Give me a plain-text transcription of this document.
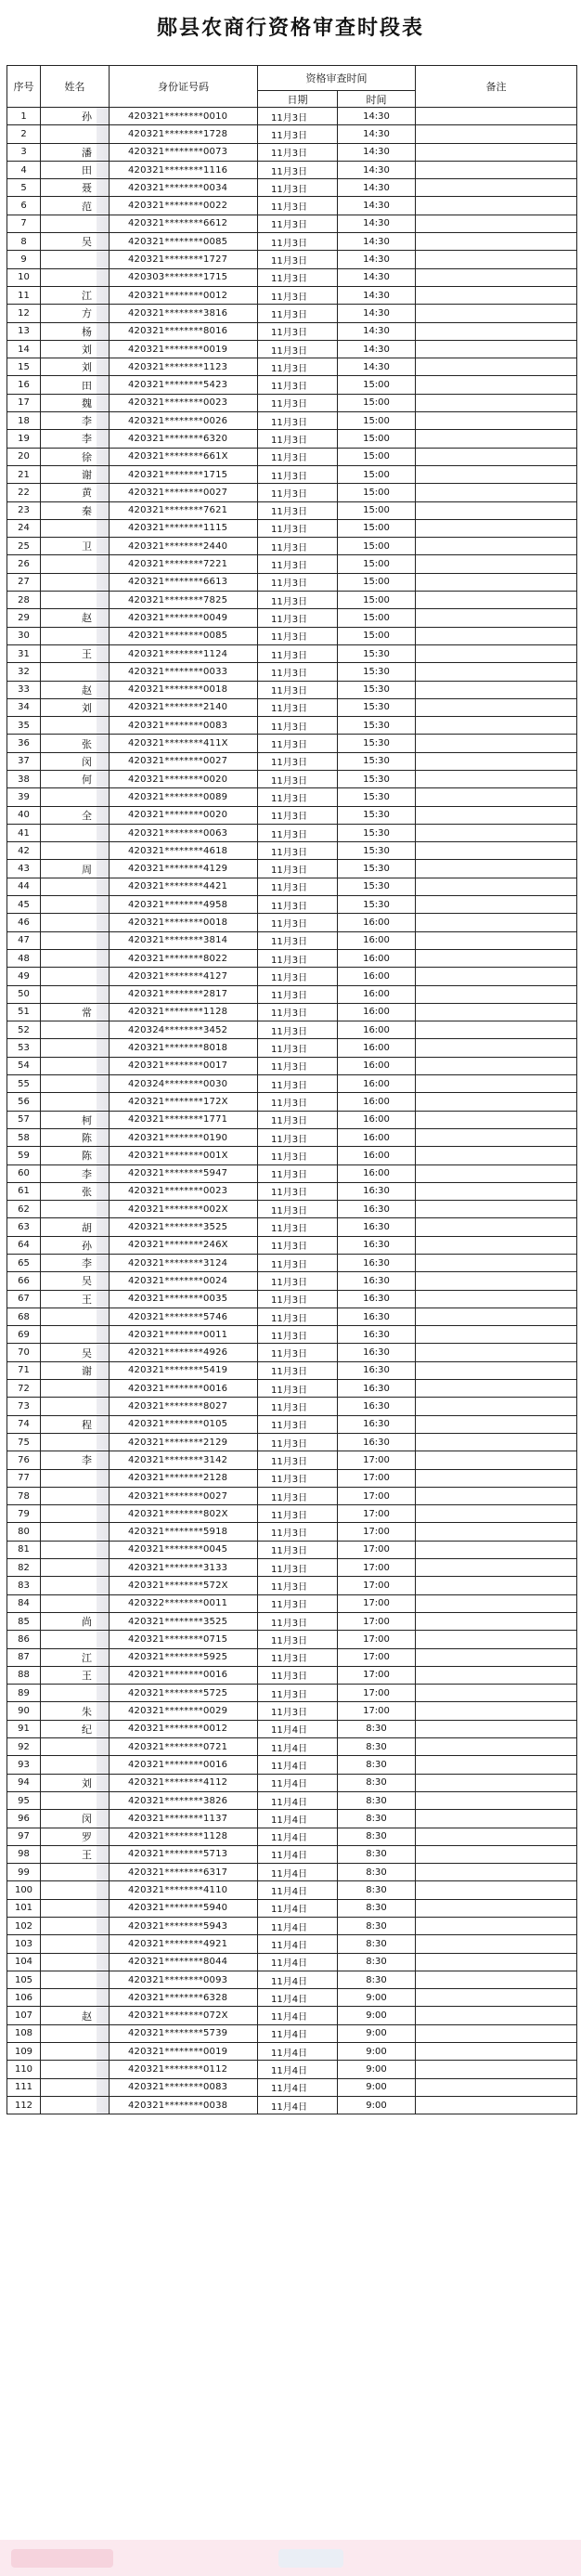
郧县农商行资格审查时段表
序号	姓名	身份证号码	资格审查时间		备注
			日期	时间	
1	孙	420321********0010	11月3日	14:30	
2		420321********1728	11月3日	14:30	
3	潘	420321********0073	11月3日	14:30	
4	田	420321********1116	11月3日	14:30	
5	聂	420321********0034	11月3日	14:30	
6	范	420321********0022	11月3日	14:30	
7		420321********6612	11月3日	14:30	
8	吴	420321********0085	11月3日	14:30	
9		420321********1727	11月3日	14:30	
10		420303********1715	11月3日	14:30	
11	江	420321********0012	11月3日	14:30	
12	方	420321********3816	11月3日	14:30	
13	杨	420321********8016	11月3日	14:30	
14	刘	420321********0019	11月3日	14:30	
15	刘	420321********1123	11月3日	14:30	
16	田	420321********5423	11月3日	15:00	
17	魏	420321********0023	11月3日	15:00	
18	李	420321********0026	11月3日	15:00	
19	李	420321********6320	11月3日	15:00	
20	徐	420321********661X	11月3日	15:00	
21	谢	420321********1715	11月3日	15:00	
22	黄	420321********0027	11月3日	15:00	
23	秦	420321********7621	11月3日	15:00	
24		420321********1115	11月3日	15:00	
25	卫	420321********2440	11月3日	15:00	
26		420321********7221	11月3日	15:00	
27		420321********6613	11月3日	15:00	
28		420321********7825	11月3日	15:00	
29	赵	420321********0049	11月3日	15:00	
30		420321********0085	11月3日	15:00	
31	王	420321********1124	11月3日	15:30	
32		420321********0033	11月3日	15:30	
33	赵	420321********0018	11月3日	15:30	
34	刘	420321********2140	11月3日	15:30	
35		420321********0083	11月3日	15:30	
36	张	420321********411X	11月3日	15:30	
37	闵	420321********0027	11月3日	15:30	
38	何	420321********0020	11月3日	15:30	
39		420321********0089	11月3日	15:30	
40	全	420321********0020	11月3日	15:30	
41		420321********0063	11月3日	15:30	
42		420321********4618	11月3日	15:30	
43	周	420321********4129	11月3日	15:30	
44		420321********4421	11月3日	15:30	
45		420321********4958	11月3日	15:30	
46		420321********0018	11月3日	16:00	
47		420321********3814	11月3日	16:00	
48		420321********8022	11月3日	16:00	
49		420321********4127	11月3日	16:00	
50		420321********2817	11月3日	16:00	
51	常	420321********1128	11月3日	16:00	
52		420324********3452	11月3日	16:00	
53		420321********8018	11月3日	16:00	
54		420321********0017	11月3日	16:00	
55		420324********0030	11月3日	16:00	
56		420321********172X	11月3日	16:00	
57	柯	420321********1771	11月3日	16:00	
58	陈	420321********0190	11月3日	16:00	
59	陈	420321********001X	11月3日	16:00	
60	李	420321********5947	11月3日	16:00	
61	张	420321********0023	11月3日	16:30	
62		420321********002X	11月3日	16:30	
63	胡	420321********3525	11月3日	16:30	
64	孙	420321********246X	11月3日	16:30	
65	李	420321********3124	11月3日	16:30	
66	吴	420321********0024	11月3日	16:30	
67	王	420321********0035	11月3日	16:30	
68		420321********5746	11月3日	16:30	
69		420321********0011	11月3日	16:30	
70	吴	420321********4926	11月3日	16:30	
71	谢	420321********5419	11月3日	16:30	
72		420321********0016	11月3日	16:30	
73		420321********8027	11月3日	16:30	
74	程	420321********0105	11月3日	16:30	
75		420321********2129	11月3日	16:30	
76	李	420321********3142	11月3日	17:00	
77		420321********2128	11月3日	17:00	
78		420321********0027	11月3日	17:00	
79		420321********802X	11月3日	17:00	
80		420321********5918	11月3日	17:00	
81		420321********0045	11月3日	17:00	
82		420321********3133	11月3日	17:00	
83		420321********572X	11月3日	17:00	
84		420322********0011	11月3日	17:00	
85	尚	420321********3525	11月3日	17:00	
86		420321********0715	11月3日	17:00	
87	江	420321********5925	11月3日	17:00	
88	王	420321********0016	11月3日	17:00	
89		420321********5725	11月3日	17:00	
90	朱	420321********0029	11月3日	17:00	
91	纪	420321********0012	11月4日	8:30	
92		420321********0721	11月4日	8:30	
93		420321********0016	11月4日	8:30	
94	刘	420321********4112	11月4日	8:30	
95		420321********3826	11月4日	8:30	
96	闵	420321********1137	11月4日	8:30	
97	罗	420321********1128	11月4日	8:30	
98	王	420321********5713	11月4日	8:30	
99		420321********6317	11月4日	8:30	
100		420321********4110	11月4日	8:30	
101		420321********5940	11月4日	8:30	
102		420321********5943	11月4日	8:30	
103		420321********4921	11月4日	8:30	
104		420321********8044	11月4日	8:30	
105		420321********0093	11月4日	8:30	
106		420321********6328	11月4日	9:00	
107	赵	420321********072X	11月4日	9:00	
108		420321********5739	11月4日	9:00	
109		420321********0019	11月4日	9:00	
110		420321********0112	11月4日	9:00	
111		420321********0083	11月4日	9:00	
112		420321********0038	11月4日	9:00	
